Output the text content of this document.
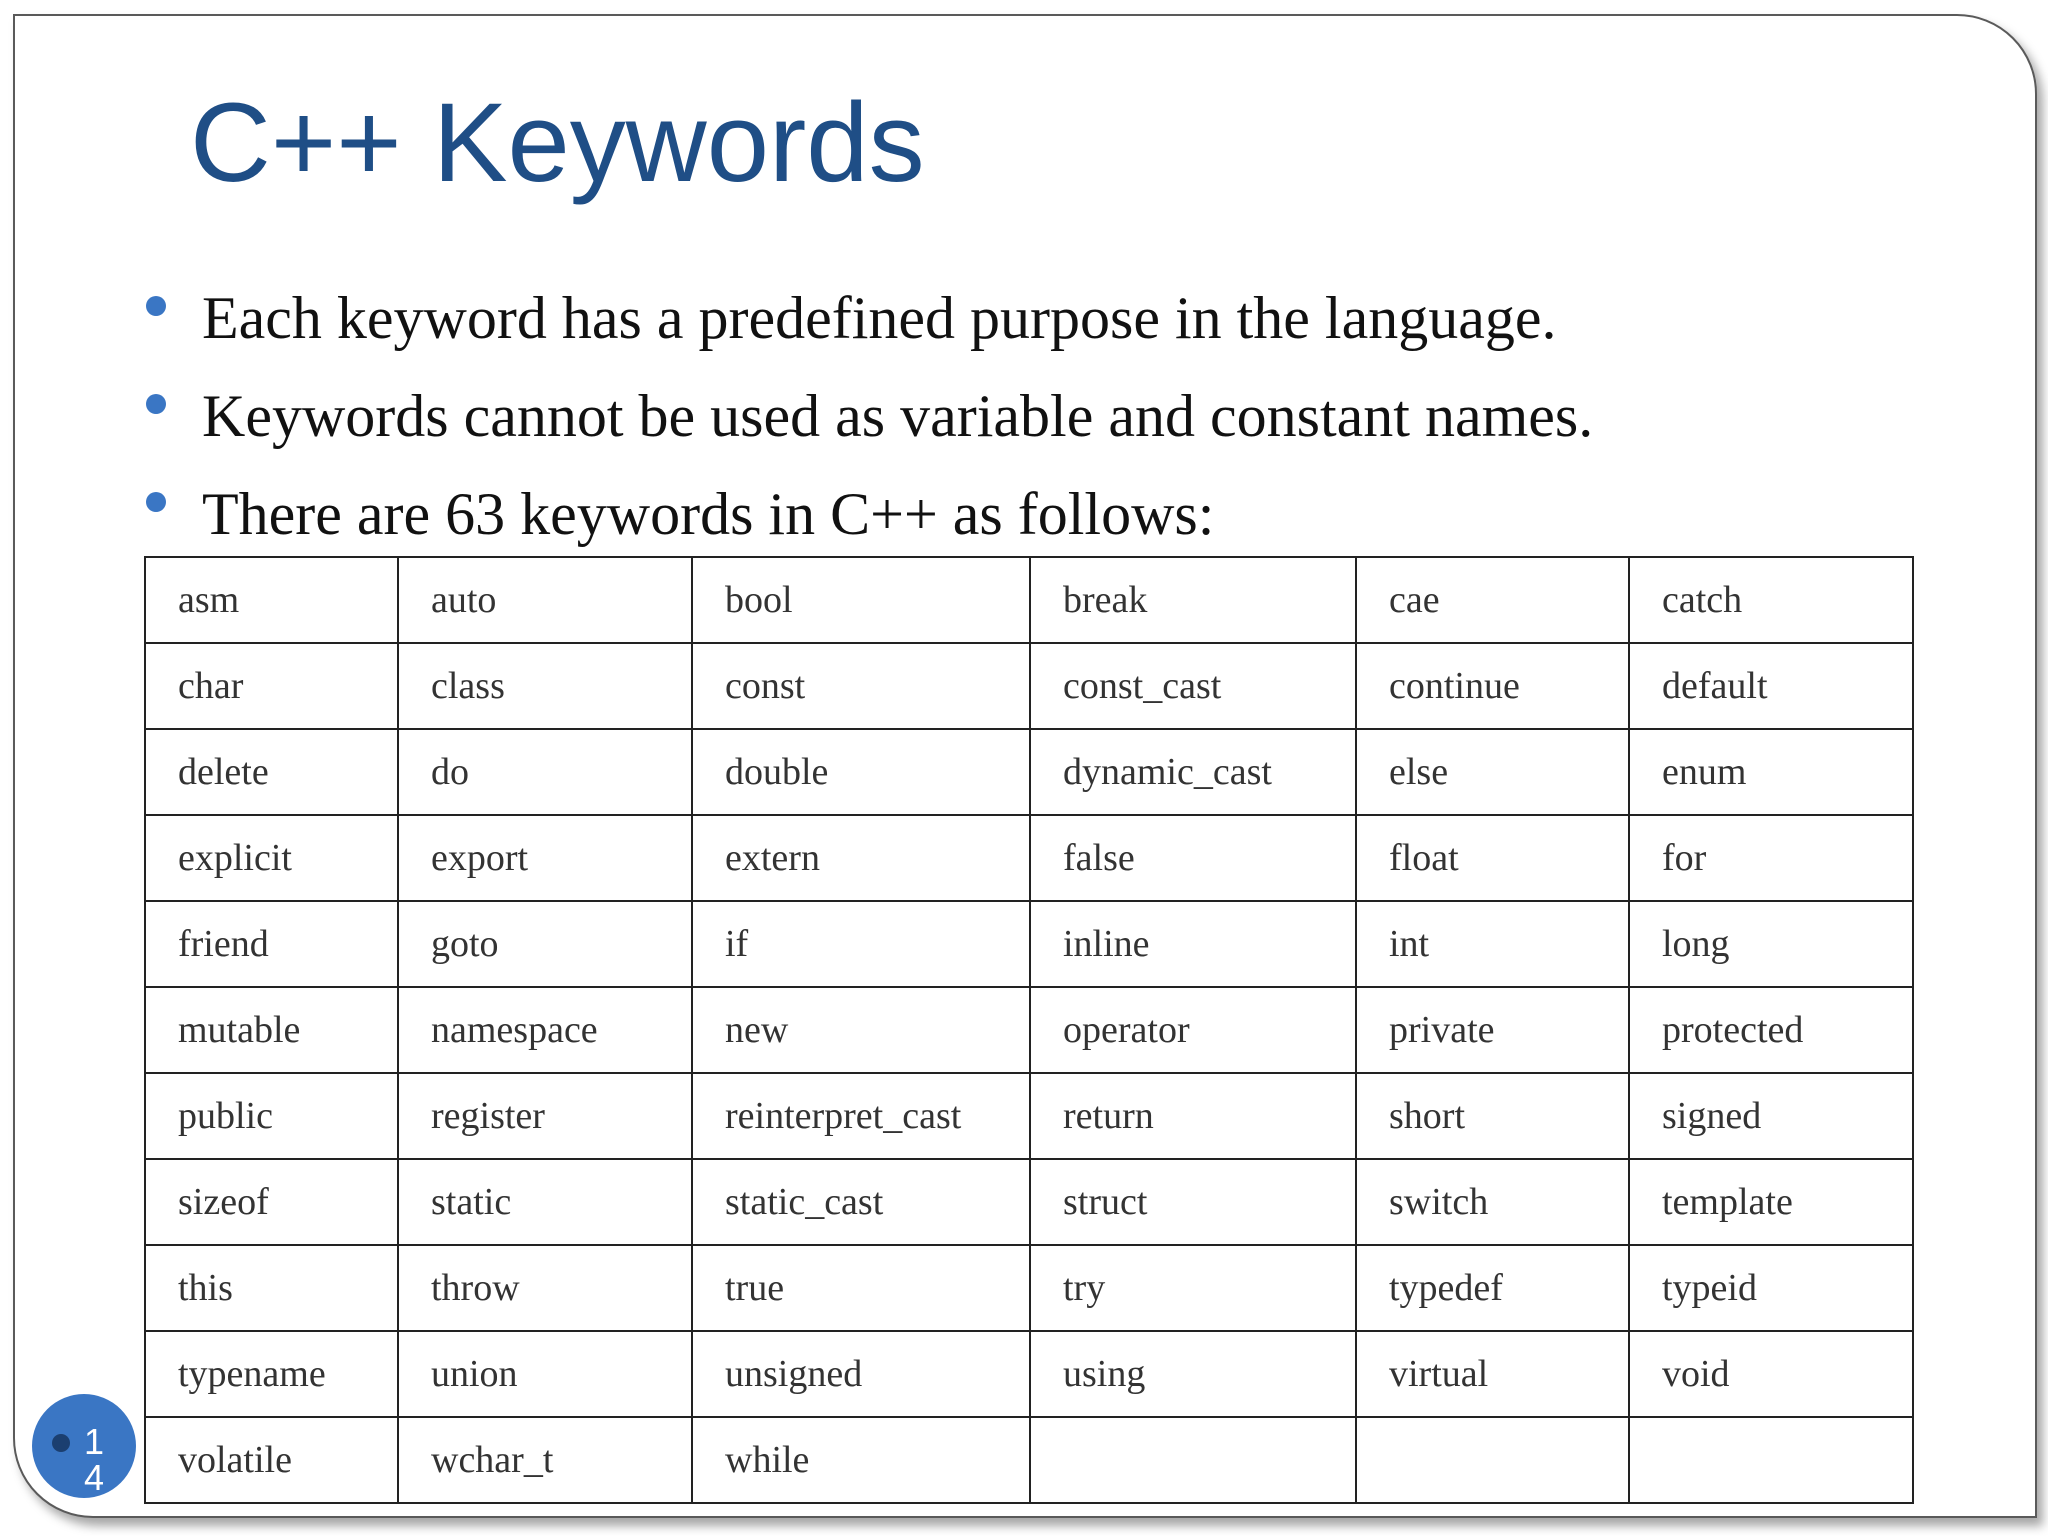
C++ Keywords
Each keyword has a predefined purpose in the language.
Keywords cannot be used as variable and constant names.
There are 63 keywords in C++ as follows:
asm	auto	bool	break	cae	catch
char	class	const	const_cast	continue	default
delete	do	double	dynamic_cast	else	enum
explicit	export	extern	false	float	for
friend	goto	if	inline	int	long
mutable	namespace	new	operator	private	protected
public	register	reinterpret_cast	return	short	signed
sizeof	static	static_cast	struct	switch	template
this	throw	true	try	typedef	typeid
typename	union	unsigned	using	virtual	void
volatile	wchar_t	while			
14
